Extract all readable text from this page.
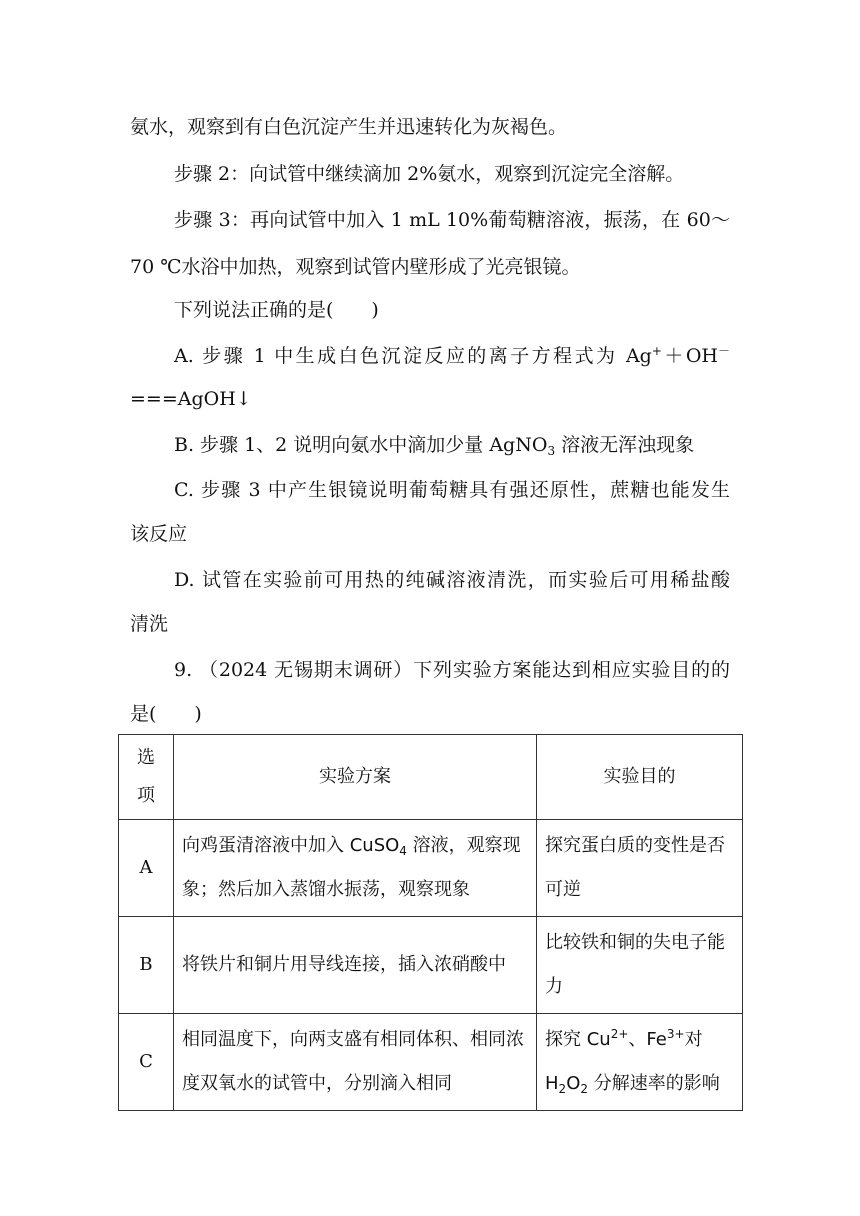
氨水，观察到有白色沉淀产生并迅速转化为灰褐色。
步骤 2：向试管中继续滴加 2%氨水，观察到沉淀完全溶解。
步骤 3：再向试管中加入 1 mL 10%葡萄糖溶液，振荡，在 60～
70 ℃水浴中加热，观察到试管内壁形成了光亮银镜。
下列说法正确的是(　　)
A. 步骤 1 中生成白色沉淀反应的离子方程式为 Ag+＋OH－
===AgOH↓
B. 步骤 1、2 说明向氨水中滴加少量 AgNO$_3$ 溶液无浑浊现象
C. 步骤 3 中产生银镜说明葡萄糖具有强还原性，蔗糖也能发生
该反应
D. 试管在实验前可用热的纯碱溶液清洗，而实验后可用稀盐酸
清洗
9. （2024 无锡期末调研）下列实验方案能达到相应实验目的的
是(　　)
选
项	实验方案	实验目的
A	向鸡蛋清溶液中加入 CuSO$_4$ 溶液，观察现象；然后加入蒸馏水振荡，观察现象	探究蛋白质的变性是否可逆
B	将铁片和铜片用导线连接，插入浓硝酸中	比较铁和铜的失电子能力
C	相同温度下，向两支盛有相同体积、相同浓度双氧水的试管中，分别滴入相同	探究 $Cu^{2+}$、$Fe^{3+}$对$H_2O_2$ 分解速率的影响
